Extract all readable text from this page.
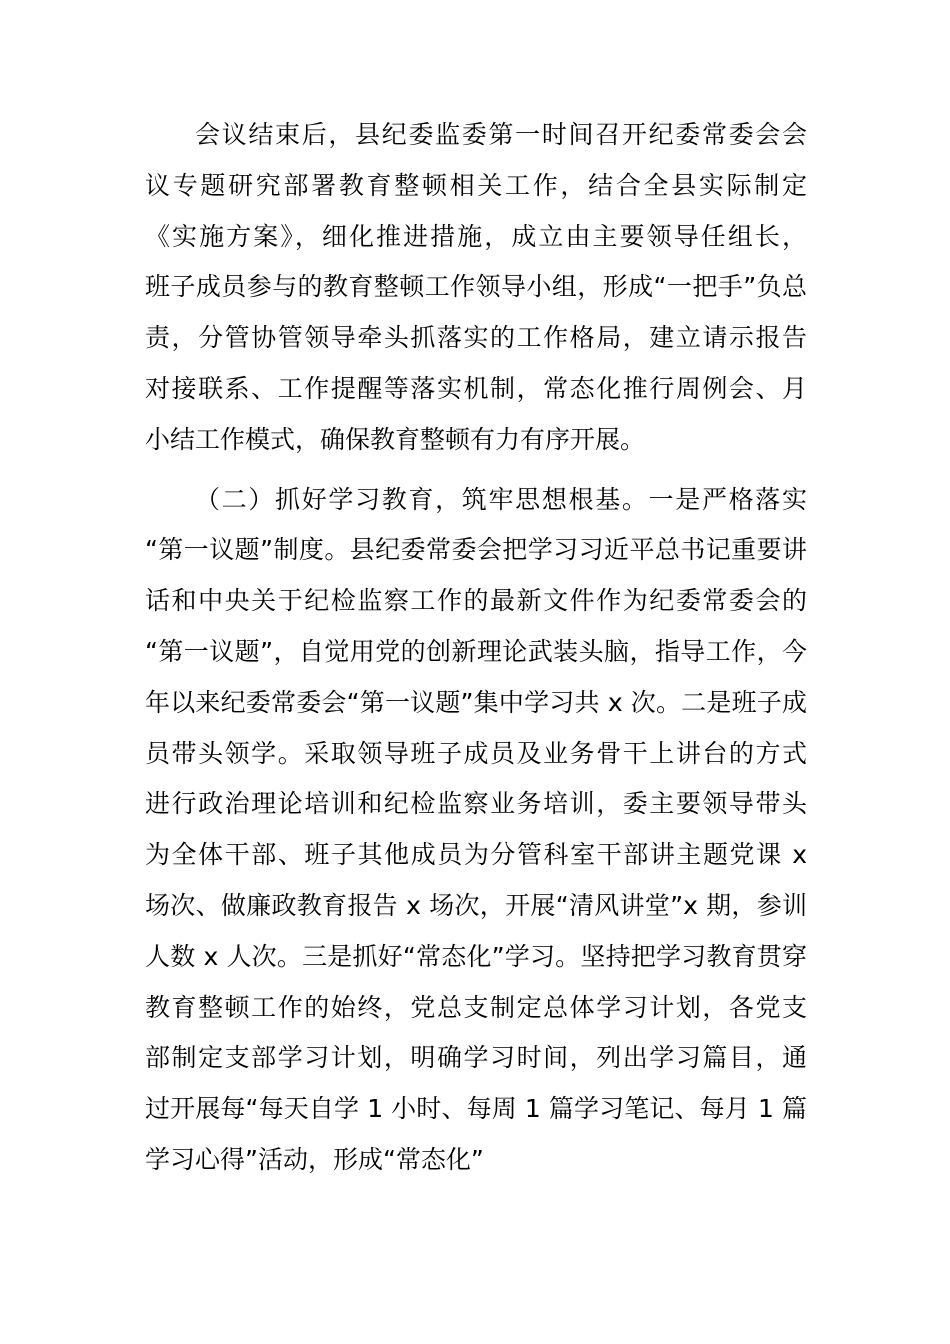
会议结束后，县纪委监委第一时间召开纪委常委会会
议专题研究部署教育整顿相关工作，结合全县实际制定
《实施方案》，细化推进措施，成立由主要领导任组长，
班子成员参与的教育整顿工作领导小组，形成“一把手”负总
责，分管协管领导牵头抓落实的工作格局，建立请示报告
对接联系、工作提醒等落实机制，常态化推行周例会、月
小结工作模式，确保教育整顿有力有序开展。
（二）抓好学习教育，筑牢思想根基。一是严格落实
“第一议题”制度。县纪委常委会把学习习近平总书记重要讲
话和中央关于纪检监察工作的最新文件作为纪委常委会的
“第一议题”，自觉用党的创新理论武装头脑，指导工作，今
年以来纪委常委会“第一议题”集中学习共 x 次。二是班子成
员带头领学。采取领导班子成员及业务骨干上讲台的方式
进行政治理论培训和纪检监察业务培训，委主要领导带头
为全体干部、班子其他成员为分管科室干部讲主题党课 x
场次、做廉政教育报告 x 场次，开展“清风讲堂”x 期，参训
人数 x 人次。三是抓好“常态化”学习。坚持把学习教育贯穿
教育整顿工作的始终，党总支制定总体学习计划，各党支
部制定支部学习计划，明确学习时间，列出学习篇目，通
过开展每“每天自学 1 小时、每周 1 篇学习笔记、每月 1 篇
学习心得”活动，形成“常态化”
